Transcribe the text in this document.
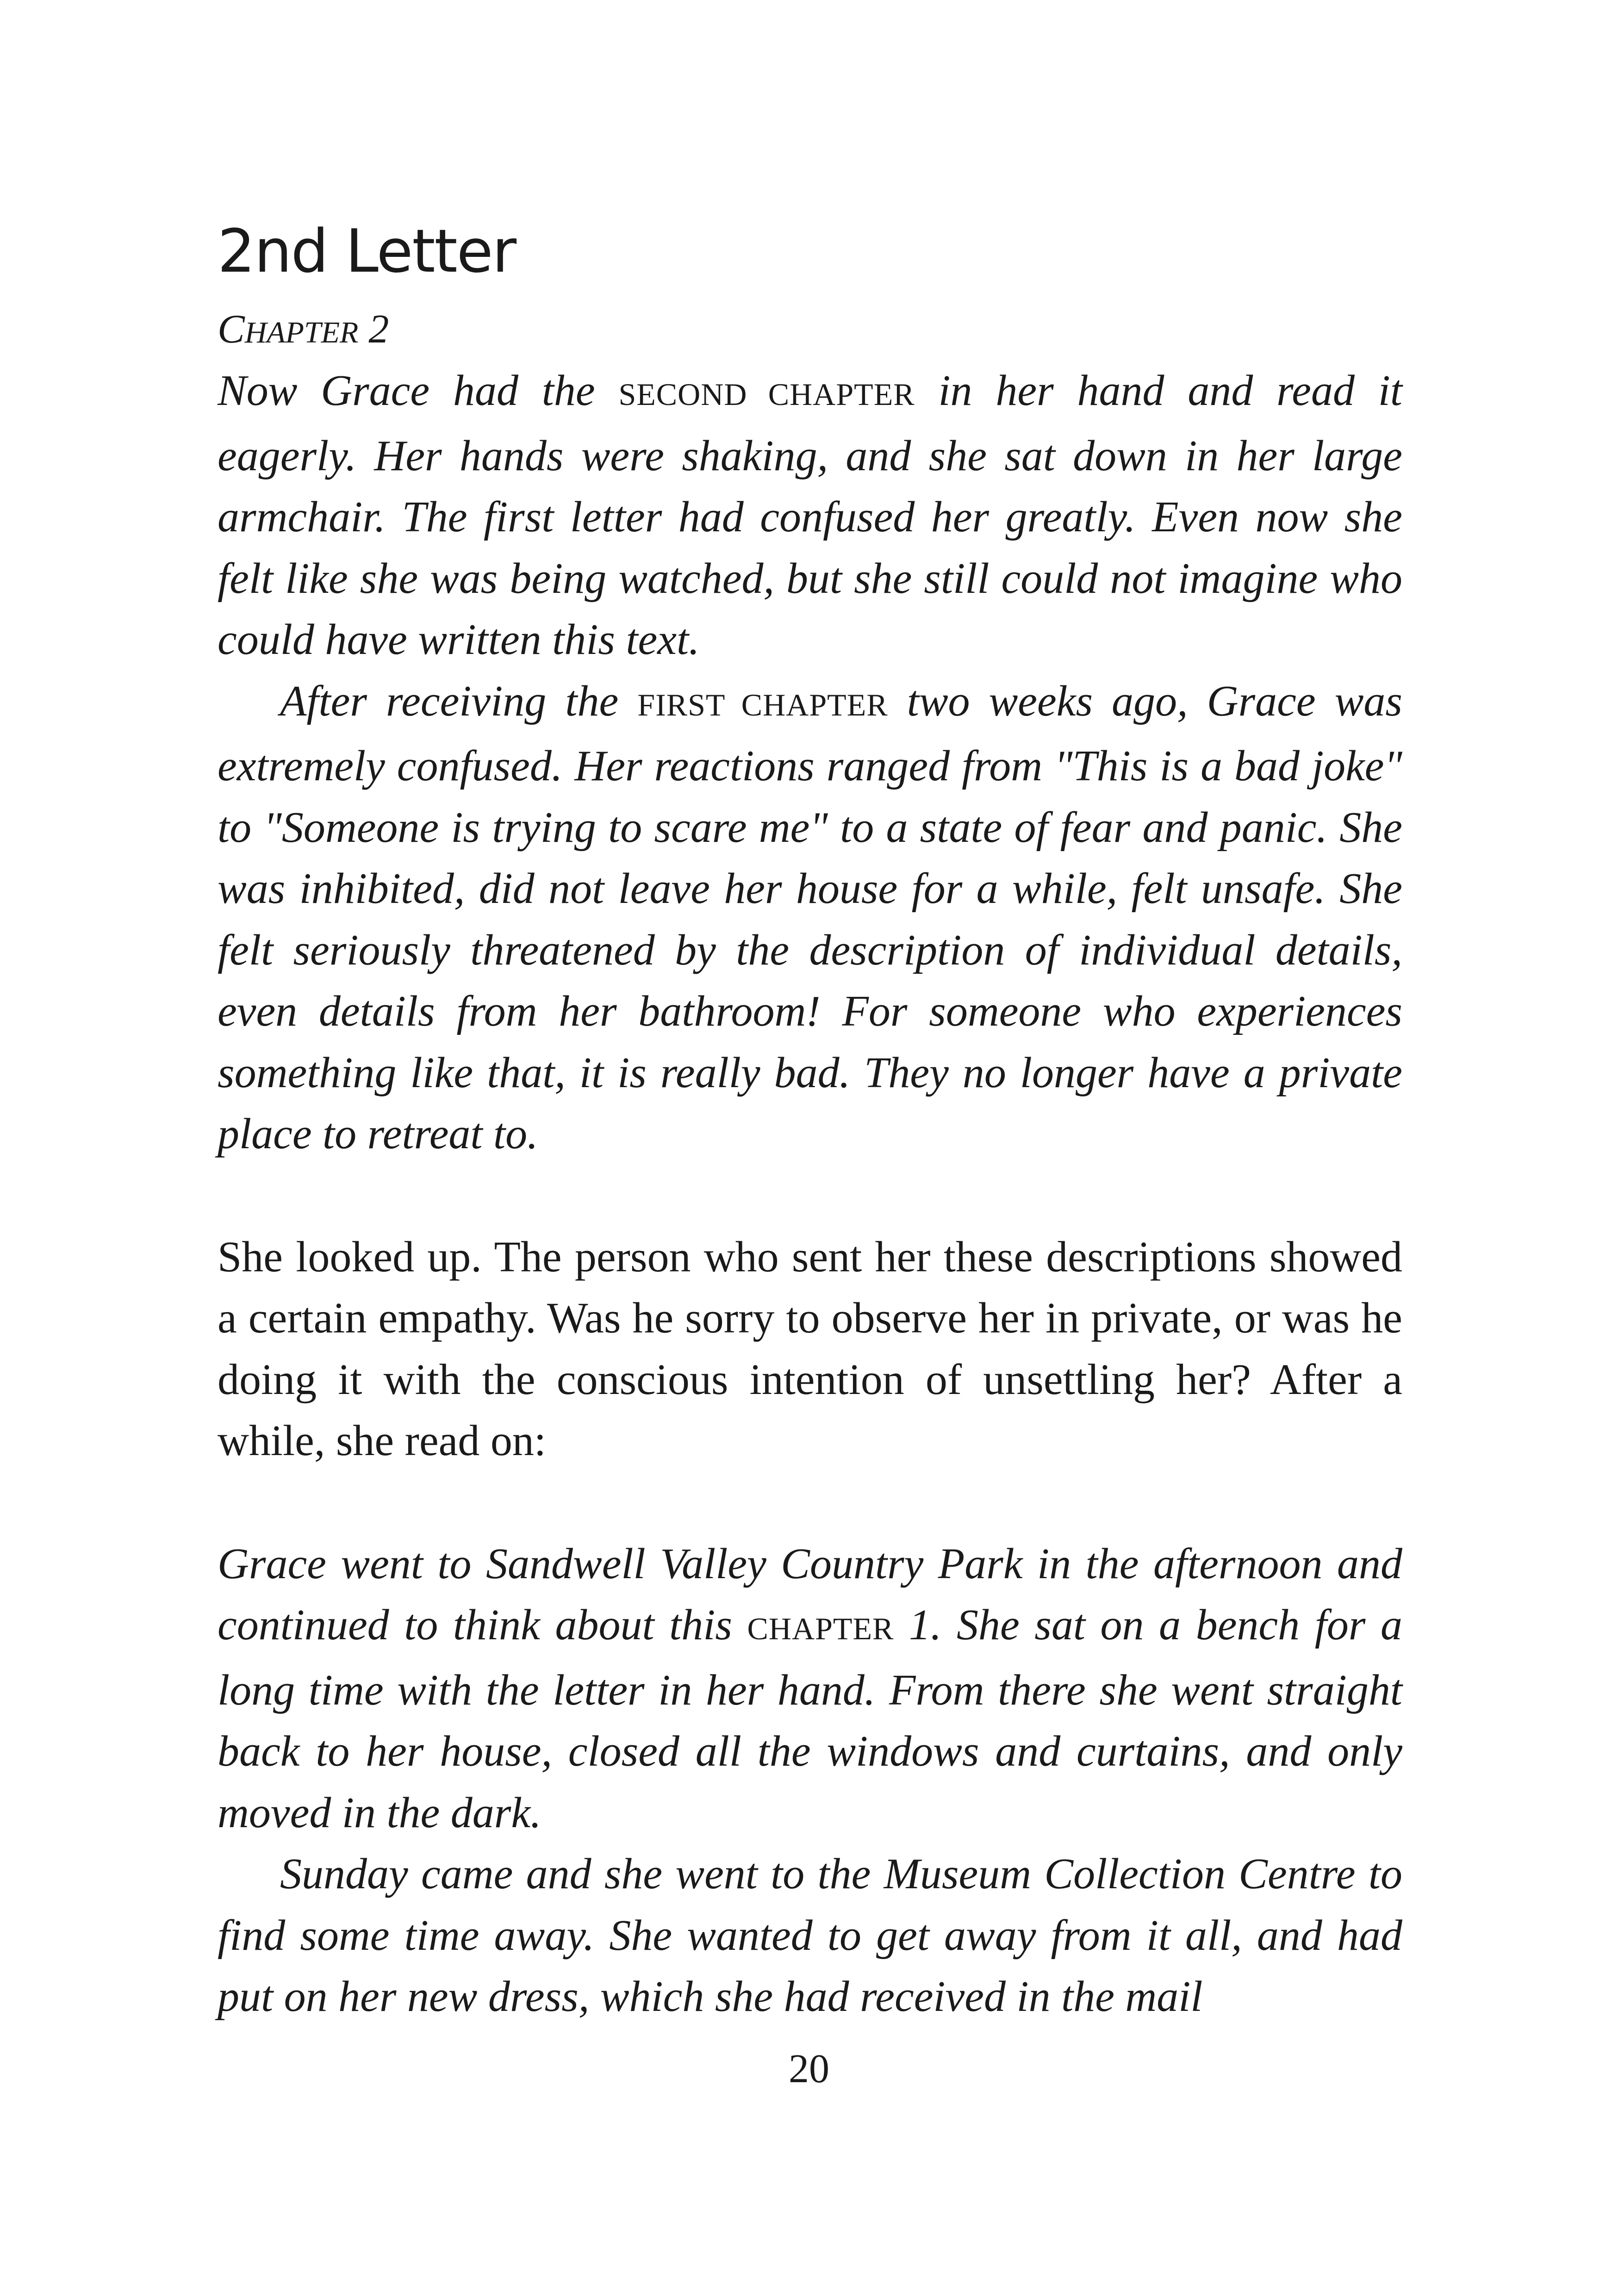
2nd Letter

CHAPTER 2

Now Grace had the SECOND CHAPTER in her hand and read it eagerly. Her hands were shaking, and she sat down in her large armchair. The first letter had confused her greatly. Even now she felt like she was being watched, but she still could not imagine who could have written this text.

After receiving the FIRST CHAPTER two weeks ago, Grace was extremely confused. Her reactions ranged from "This is a bad joke" to "Someone is trying to scare me" to a state of fear and panic. She was inhibited, did not leave her house for a while, felt unsafe. She felt seriously threatened by the description of individual details, even details from her bathroom! For someone who experiences something like that, it is really bad. They no longer have a private place to retreat to.

She looked up. The person who sent her these descriptions showed a certain empathy. Was he sorry to observe her in private, or was he doing it with the conscious intention of unsettling her? After a while, she read on:

Grace went to Sandwell Valley Country Park in the afternoon and continued to think about this CHAPTER 1. She sat on a bench for a long time with the letter in her hand. From there she went straight back to her house, closed all the windows and curtains, and only moved in the dark.

Sunday came and she went to the Museum Collection Centre to find some time away. She wanted to get away from it all, and had put on her new dress, which she had received in the mail

20
